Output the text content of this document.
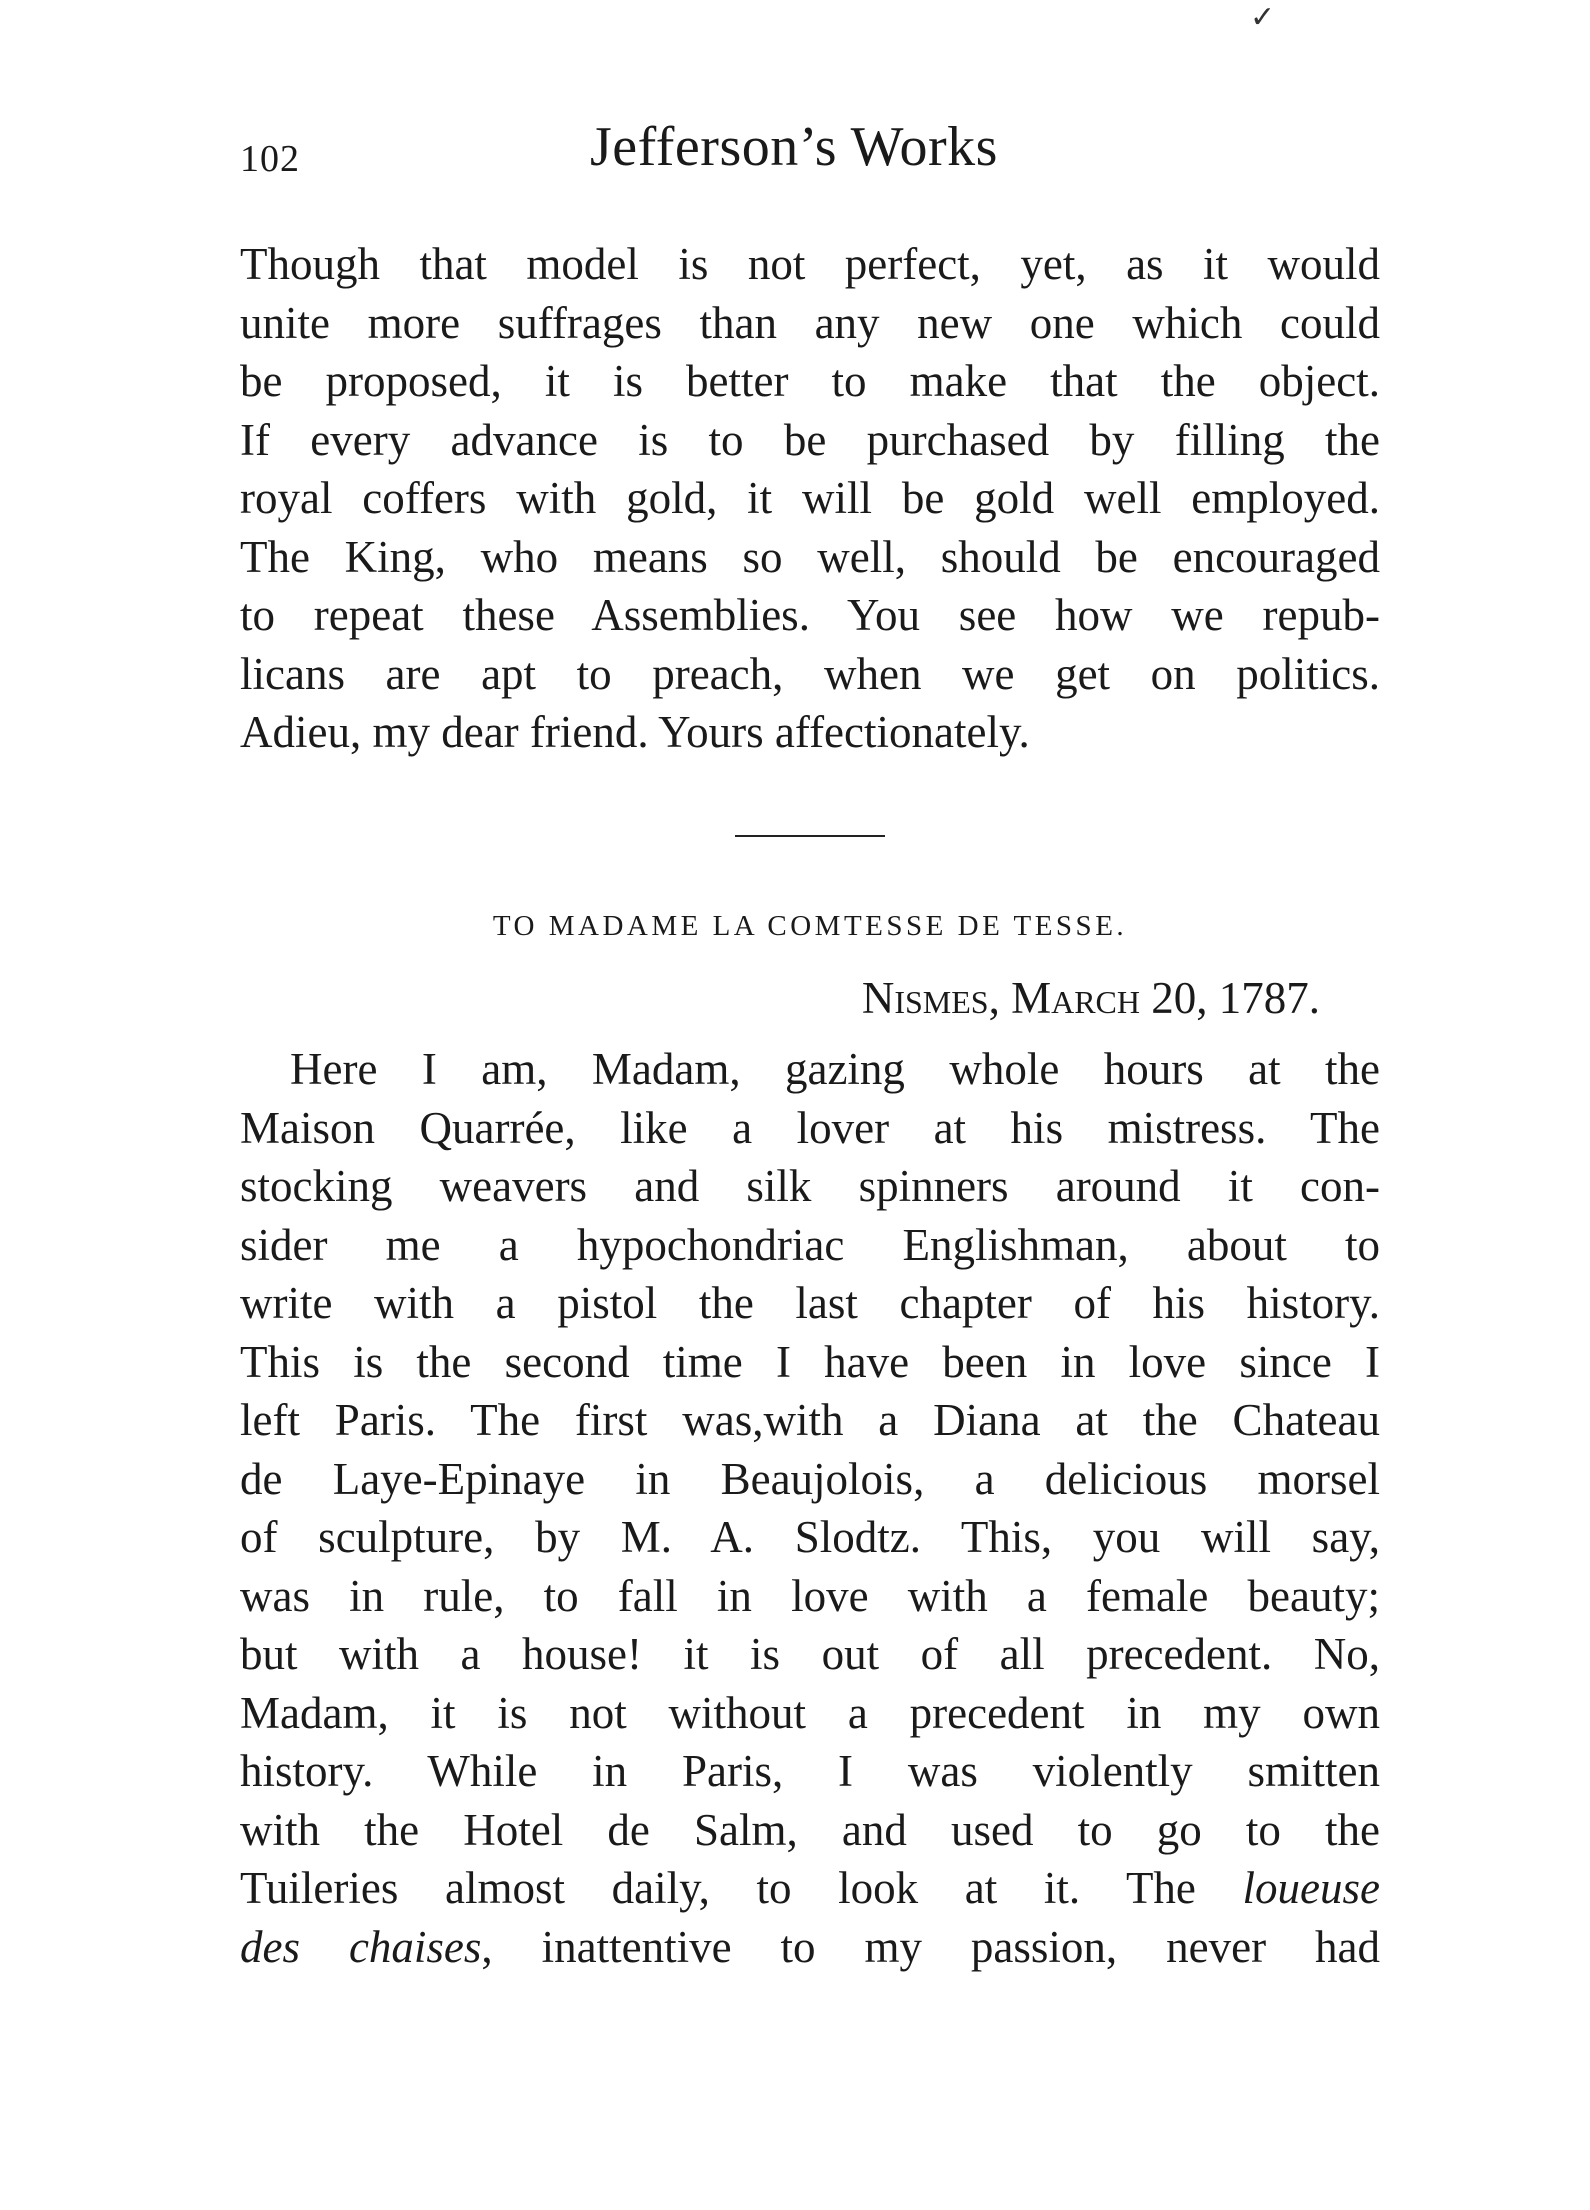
✓
102	Jefferson’s Works
Though that model is not perfect, yet, as it would
unite more suffrages than any new one which could
be proposed, it is better to make that the object.
If every advance is to be purchased by filling the
royal coffers with gold, it will be gold well employed.
The King, who means so well, should be encouraged
to repeat these Assemblies. You see how we repub-
licans are apt to preach, when we get on politics.
Adieu, my dear friend. Yours affectionately.
TO MADAME LA COMTESSE DE TESSE.
Nismes, March 20, 1787.
Here I am, Madam, gazing whole hours at the
Maison Quarrée, like a lover at his mistress. The
stocking weavers and silk spinners around it con-
sider me a hypochondriac Englishman, about to
write with a pistol the last chapter of his history.
This is the second time I have been in love since I
left Paris. The first was,with a Diana at the Chateau
de Laye-Epinaye in Beaujolois, a delicious morsel
of sculpture, by M. A. Slodtz. This, you will say,
was in rule, to fall in love with a female beauty;
but with a house! it is out of all precedent. No,
Madam, it is not without a precedent in my own
history. While in Paris, I was violently smitten
with the Hotel de Salm, and used to go to the
Tuileries almost daily, to look at it. The loueuse
des chaises, inattentive to my passion, never had
